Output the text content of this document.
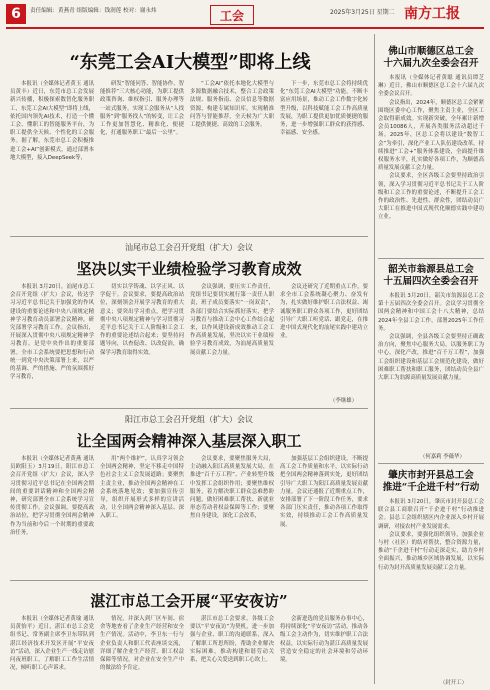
6	责任编辑：黄燕青 组版编辑：钱润莲 校对：谢永炜	工会	2025年3月25日 星期二 南方工报
“东莞工会AI大模型”即将上线

本报讯（全媒体记者黄玉 通讯员黄丰）近日，东莞市总工会发展新兴传播，积极探索数智化服务职工，东莞工会AI大模型”即将上线，依托国内领先AI技术，打造一个懂工会、懂职工的智能服务平台，为职工提供全天候、个性化的工会服务。据了解，东莞市总工会积极推进工会+AI”创新模式，通过部署本地大模型，接入DeepSeek等，

研发“智能问答、智能协作、智能推荐”三大核心功能，为职工提供政策咨询、维权指引、服务办理等一站式服务，实现工会服务从“人找服务”到“服务找人”的转变，让工会工作更加智慧化、精准化、便捷化，打通服务职工“最后一公里”。

“工会AI”依托本地化大模型与多源数据融合技术，整合工会政策法规、服务指南、会员信息等数据资源，构建专属知识库，实现精准问答与智能推荐，全天候为广大职工提供便捷、高效的工会服务。

下一步，东莞市总工会将持续优化“东莞工会AI大模型”功能，不断丰富应用场景，推动工会工作数字化转型升级，以科技赋能工会工作高质量发展，为职工提供更加优质便捷的服务，进一步增强职工群众的获得感、幸福感、安全感。

汕尾市总工会召开党组（扩大）会议
坚决以实干业绩检验学习教育成效

本报讯 3月20日，汕尾市总工会召开党组（扩大）会议，传达学习习近平总书记关于加强党的作风建设的重要论述和中央八项规定精神学习教育动员部署会议精神，研究部署学习教育工作。会议指出，开展深入贯彻中央八项规定精神学习教育，是党中央作出的重要部署。全市工会系统要把思想和行动统一到党中央决策部署上来，以严的基调、严的措施、严的氛围抓好学习教育，

切实以学铸魂、以学正风、以学促干。会议要求，要提高政治站位，深刻领会开展学习教育的重大意义；要突出学习重点，把学习贯彻中央八项规定精神与学习贯彻习近平总书记关于工人阶级和工会工作的重要论述结合起来；要坚持问题导向，以查促改、以改促治，确保学习教育取得实效。

会议强调，要压实工作责任，党组书记要切实履行第一责任人职责，班子成员要落实“一岗双责”，各部门要结合实际抓好落实，把学习教育与推动工会中心工作结合起来，以作风建设新成效推动工会工作高质量发展，坚决以实干业绩检验学习教育成效，为汕尾高质量发展贡献工会力量。

会议还研究了近期重点工作，要求全市工会系统凝心聚力、奋发有为，扎实做好维护职工合法权益、竭诚服务职工群众各项工作，更好团结引导广大职工听党话、跟党走，在推进中国式现代化的汕尾实践中建功立业。

（李继雄）
阳江市总工会召开党组（扩大）会议
让全国两会精神深入基层深入职工

本报讯（全媒体记者黄燕 通讯员欧阳玉）3月19日，阳江市总工会召开党组（扩大）会议，深入学习贯彻习近平总书记在全国两会期间的重要讲话精神和全国两会精神，研究部署全市工会系统学习宣传贯彻工作。会议强调，要提高政治站位，把学习贯彻全国两会精神作为当前和今后一个时期的重要政治任务，

用“两个维护”，认真学习领会全国两会精神，坚定不移走中国特色社会主义工会发展道路；要聚焦主责主业，推动全国两会精神在工会系统落地见效；要加强宣传引导，组织开展形式多样的宣讲活动，让全国两会精神深入基层、深入职工。

会议要求，要聚焦服务大局，主动融入阳江高质量发展大局，在推进“百千万工程”、产业转型升级中发挥工会组织作用；要聚焦维权服务，着力解决职工群众急难愁盼问题，做好困难职工帮扶、新就业形态劳动者权益保障等工作；要聚焦自身建设，深化工会改革，

加强基层工会组织建设，不断提高工会工作质量和水平，以实际行动把全国两会精神落到实处，更好团结引导广大职工为阳江高质量发展贡献力量。会议还通报了近期重点工作，安排部署了下一阶段工作任务，要求各部门压实责任，推动各项工作取得实效，持续推动工会工作高质量发展。

湛江市总工会开展“平安夜访”

本报讯（全媒体记者黄瑜 通讯员黄怡平）近日，湛江市总工会党组书记、常务副主席李卫东带队到湛江经济技术开发区开展“平安夜访”活动，深入企业生产一线走访慰问夜班职工，了解职工工作生活情况，倾听职工心声诉求。

情况，并深入到厂区车间、宿舍等地查看了企业生产经营和安全生产情况。活动中，李卫东一行与企业负责人和职工代表座谈交流，详细了解企业生产经营、职工权益保障等情况，对企业在安全生产中的做法给予肯定。

湛江市总工会要求，各级工会要以“平安夜访”为契机，进一步加强与企业、职工的沟通联系，深入了解职工所思所盼，帮助企业解决实际困难，推动构建和谐劳动关系，把关心关爱送到职工心坎上。

会新进选的党员服务办事中心，将持续深化“平安夜访”活动，推动各级工会主动作为，切实维护职工合法权益，以实际行动为湛江高质量发展营造安全稳定的社会环境和劳动环境。

佛山市顺德区总工会
十六届九次全委会召开

本报讯（全媒体记者黄聪 通讯员谭芝琳）近日，佛山市顺德区总工会十六届九次全委会议召开。

会议指出，2024年，顺德区总工会紧紧围绕区委中心工作，聚焦主责主业，全区工会取得新成效。实现新突破，全年累计新增会员10086人，开展各类服务活动超过千场。2025年，区总工会将以建设“数智工会”为牵引，深化产业工人队伍建设改革，持续推进“工会+”服务体系建设，全面提升维权服务水平，扎实做好各项工作，为顺德高质量发展贡献工会力量。

会议要求，全区各级工会要坚持政治引领，深入学习贯彻习近平总书记关于工人阶级和工会工作的重要论述，不断提升工会工作的政治性、先进性、群众性，团结动员广大职工在推进中国式现代化顺德实践中建功立业。

韶关市翁源县总工会
十五届四次全委会召开

本报讯 3月20日，韶关市翁源县总工会第十五届四次全委会召开。会议学习贯彻全国两会精神和中国工会十八大精神，总结2024年全县工会工作，部署2025年工作任务。

会议强调，全县各级工会要坚持正确政治方向，聚焦中心服务大局，以服务职工为中心，深化产改，推进“百千万工程”，加强工会组织建设和基层工会规范化建设，做好困难职工帮扶和职工服务，团结动员全县广大职工为翁源高质量发展贡献力量。

（何嘉莉 李薇华）
肇庆市封开县总工会
推进“千企进千村”行动

本报讯 3月20日，肇庆市封开县总工会联合县工商联召开“千企进千村”行动推进会。县总工会组织辖区内企业深入乡村开展调研，对接农村产业发展需求。

会议要求，要强化组织领导，加强企业与村（社区）的结对帮扶，整合资源力量，推动“千企进千村”行动走深走实，助力乡村全面振兴，推动城乡区域协调发展，以实际行动为封开高质量发展贡献工会力量。

（封开工）
